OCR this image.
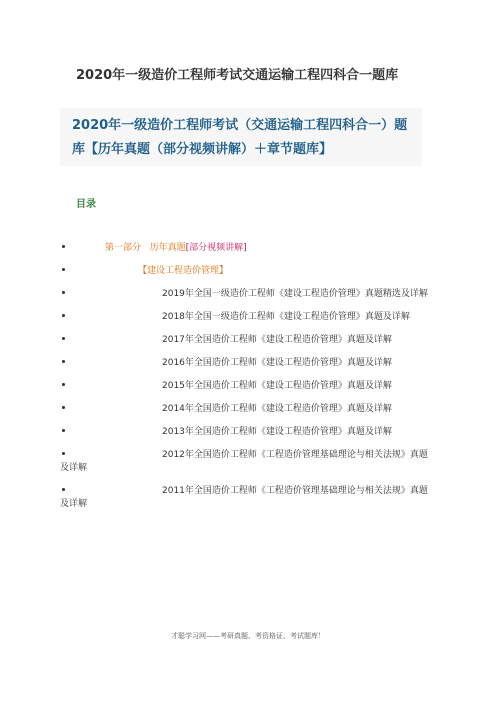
2020年一级造价工程师考试交通运输工程四科合一题库
2020年一级造价工程师考试（交通运输工程四科合一）题库【历年真题（部分视频讲解）＋章节题库】
目录
第一部分 历年真题[部分视频讲解]
【建设工程造价管理】
2019年全国一级造价工程师《建设工程造价管理》真题精选及详解
2018年全国一级造价工程师《建设工程造价管理》真题及详解
2017年全国造价工程师《建设工程造价管理》真题及详解
2016年全国造价工程师《建设工程造价管理》真题及详解
2015年全国造价工程师《建设工程造价管理》真题及详解
2014年全国造价工程师《建设工程造价管理》真题及详解
2013年全国造价工程师《建设工程造价管理》真题及详解
2012年全国造价工程师《工程造价管理基础理论与相关法规》真题及详解
2011年全国造价工程师《工程造价管理基础理论与相关法规》真题及详解
才聪学习网——考研真题、考资格证、考试题库！
